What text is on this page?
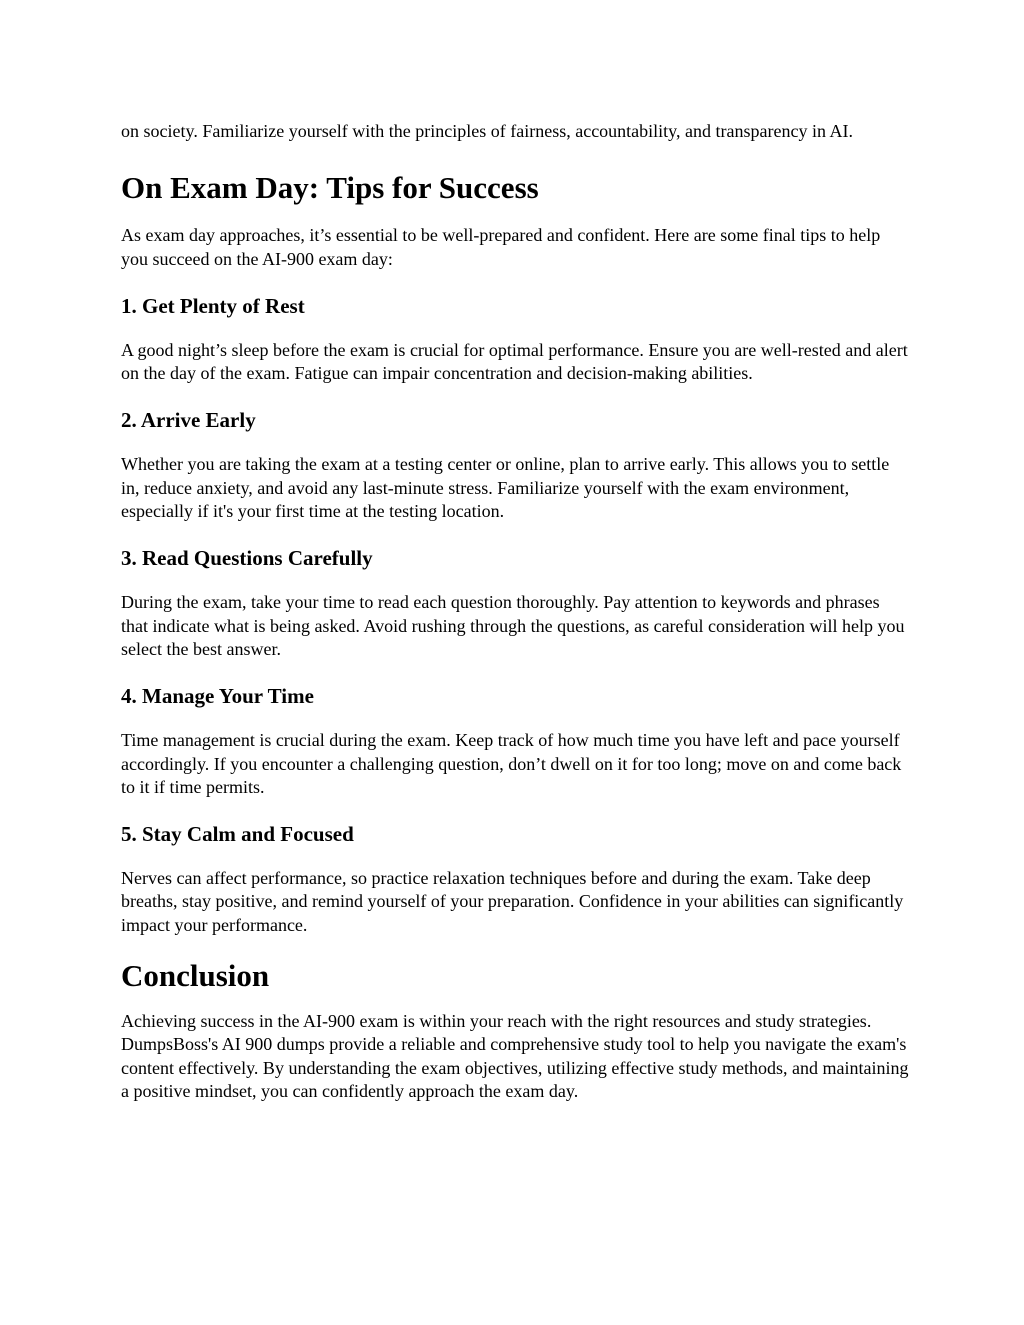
on society. Familiarize yourself with the principles of fairness, accountability, and transparency in AI.

On Exam Day: Tips for Success

As exam day approaches, it’s essential to be well-prepared and confident. Here are some final tips to help you succeed on the AI-900 exam day:

1. Get Plenty of Rest

A good night’s sleep before the exam is crucial for optimal performance. Ensure you are well-rested and alert on the day of the exam. Fatigue can impair concentration and decision-making abilities.

2. Arrive Early

Whether you are taking the exam at a testing center or online, plan to arrive early. This allows you to settle in, reduce anxiety, and avoid any last-minute stress. Familiarize yourself with the exam environment, especially if it's your first time at the testing location.

3. Read Questions Carefully

During the exam, take your time to read each question thoroughly. Pay attention to keywords and phrases that indicate what is being asked. Avoid rushing through the questions, as careful consideration will help you select the best answer.

4. Manage Your Time

Time management is crucial during the exam. Keep track of how much time you have left and pace yourself accordingly. If you encounter a challenging question, don’t dwell on it for too long; move on and come back to it if time permits.

5. Stay Calm and Focused

Nerves can affect performance, so practice relaxation techniques before and during the exam. Take deep breaths, stay positive, and remind yourself of your preparation. Confidence in your abilities can significantly impact your performance.

Conclusion

Achieving success in the AI-900 exam is within your reach with the right resources and study strategies. DumpsBoss's AI 900 dumps provide a reliable and comprehensive study tool to help you navigate the exam's content effectively. By understanding the exam objectives, utilizing effective study methods, and maintaining a positive mindset, you can confidently approach the exam day.
